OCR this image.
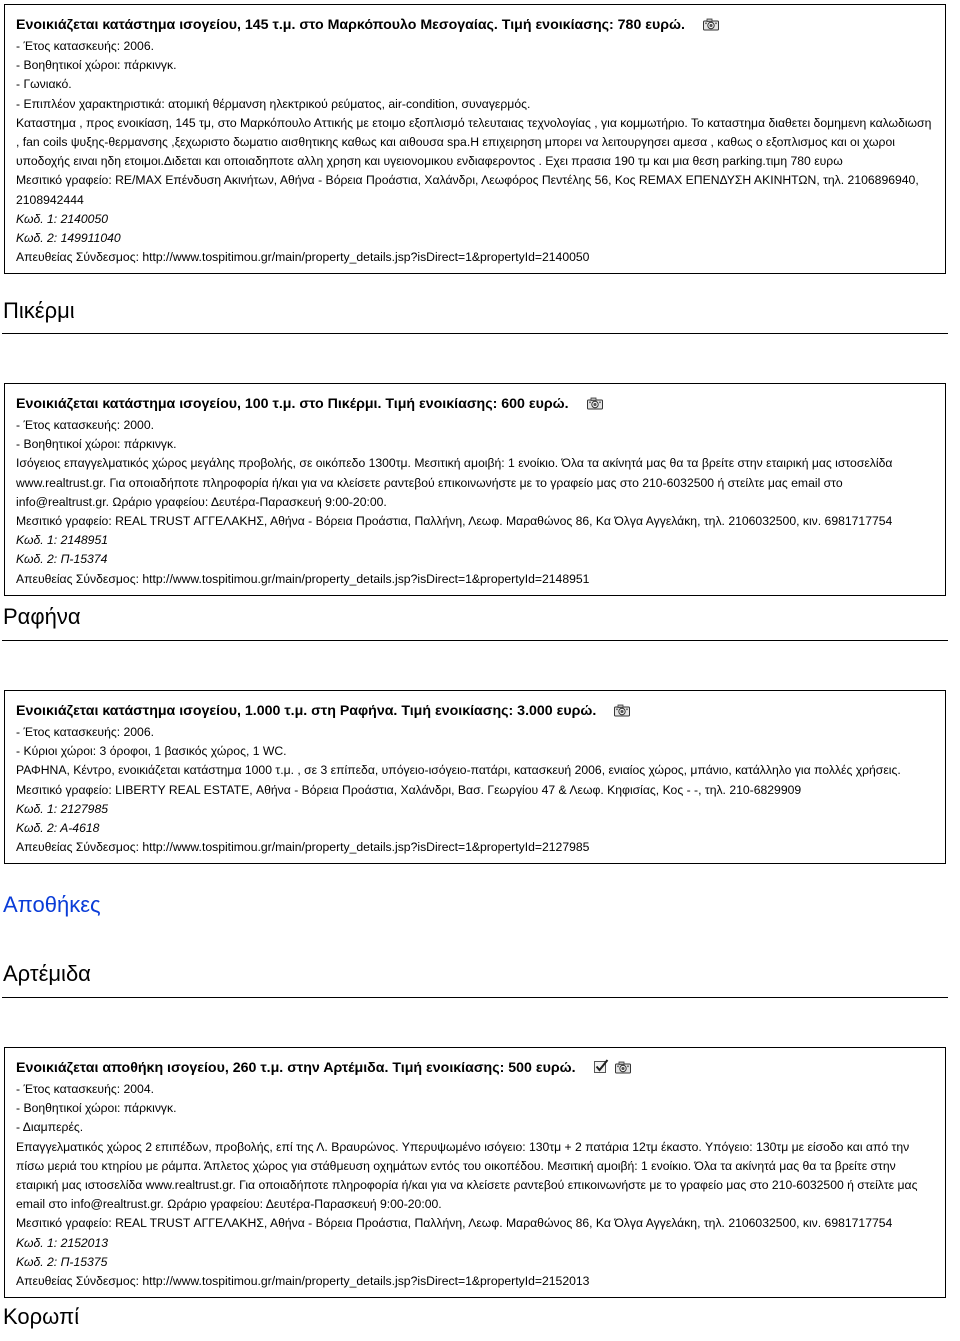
Ενοικιάζεται κατάστημα ισογείου, 145 τ.μ. στο Μαρκόπουλο Μεσογαίας. Τιμή ενοικίασης: 780 ευρώ.
- Έτος κατασκευής: 2006.
- Βοηθητικοί χώροι: πάρκινγκ.
- Γωνιακό.
- Επιπλέον χαρακτηριστικά: ατομική θέρμανση ηλεκτρικού ρεύματος, air-condition, συναγερμός.
Καταστημα , προς ενοικίαση, 145 τμ, στο Μαρκόπουλο Αττικής με ετοιμο εξοπλισμό τελευταιας τεχνολογίας , για κομμωτήριο. Το καταστημα διαθετει δομημενη καλωδιωση , fan coils ψυξης-θερμανσης ,ξεχωριστο δωματιο αισθητικης καθως και αιθουσα spa.Η επιχειρηση μπορει να λειτουργησει αμεσα , καθως ο εξοπλισμος και οι χωροι υποδοχής ειναι ηδη ετοιμοι.Διδεται και οποιαδηποτε αλλη χρηση και υγειονομικου ενδιαφεροντος . Εχει πρασια 190 τμ και μια θεση parking.τιμη 780 ευρω
Μεσιτικό γραφείο: RE/MAX Επένδυση Ακινήτων, Αθήνα - Βόρεια Προάστια, Χαλάνδρι, Λεωφόρος Πεντέλης 56, Κος REMAX ΕΠΕΝΔΥΣΗ ΑΚΙΝΗΤΩΝ, τηλ. 2106896940, 2108942444
Κωδ. 1: 2140050
Κωδ. 2: 149911040
Απευθείας Σύνδεσμος: http://www.tospitimou.gr/main/property_details.jsp?isDirect=1&propertyId=2140050
Πικέρμι
Ενοικιάζεται κατάστημα ισογείου, 100 τ.μ. στο Πικέρμι. Τιμή ενοικίασης: 600 ευρώ.
- Έτος κατασκευής: 2000.
- Βοηθητικοί χώροι: πάρκινγκ.
Ισόγειος επαγγελματικός χώρος μεγάλης προβολής, σε οικόπεδο 1300τμ. Μεσιτική αμοιβή: 1 ενοίκιο. Όλα τα ακίνητά μας θα τα βρείτε στην εταιρική μας ιστοσελίδα www.realtrust.gr. Για οποιαδήποτε πληροφορία ή/και για να κλείσετε ραντεβού επικοινωνήστε με το γραφείο μας στο 210-6032500 ή στείλτε μας email στο info@realtrust.gr. Ωράριο γραφείου: Δευτέρα-Παρασκευή 9:00-20:00.
Μεσιτικό γραφείο: REAL TRUST ΑΓΓΕΛΑΚΗΣ, Αθήνα - Βόρεια Προάστια, Παλλήνη, Λεωφ. Μαραθώνος 86, Κα Όλγα Αγγελάκη, τηλ. 2106032500, κιν. 6981717754
Κωδ. 1: 2148951
Κωδ. 2: Π-15374
Απευθείας Σύνδεσμος: http://www.tospitimou.gr/main/property_details.jsp?isDirect=1&propertyId=2148951
Ραφήνα
Ενοικιάζεται κατάστημα ισογείου, 1.000 τ.μ. στη Ραφήνα. Τιμή ενοικίασης: 3.000 ευρώ.
- Έτος κατασκευής: 2006.
- Κύριοι χώροι: 3 όροφοι, 1 βασικός χώρος, 1 WC.
ΡΑΦΗΝΑ, Κέντρο, ενοικιάζεται κατάστημα 1000 τ.μ. , σε 3 επίπεδα, υπόγειο-ισόγειο-πατάρι, κατασκευή 2006, ενιαίος χώρος, μπάνιο, κατάλληλο για πολλές χρήσεις.
Μεσιτικό γραφείο: LIBERTY REAL ESTATE, Αθήνα - Βόρεια Προάστια, Χαλάνδρι, Βασ. Γεωργίου 47 & Λεωφ. Κηφισίας, Κος - -, τηλ. 210-6829909
Κωδ. 1: 2127985
Κωδ. 2: Α-4618
Απευθείας Σύνδεσμος: http://www.tospitimou.gr/main/property_details.jsp?isDirect=1&propertyId=2127985
Αποθήκες
Αρτέμιδα
Ενοικιάζεται αποθήκη ισογείου, 260 τ.μ. στην Αρτέμιδα. Τιμή ενοικίασης: 500 ευρώ.
- Έτος κατασκευής: 2004.
- Βοηθητικοί χώροι: πάρκινγκ.
- Διαμπερές.
Επαγγελματικός χώρος 2 επιπέδων, προβολής, επί της Λ. Βραυρώνος. Υπερυψωμένο ισόγειο: 130τμ + 2 πατάρια 12τμ έκαστο. Υπόγειο: 130τμ με είσοδο και από την πίσω μεριά του κτηρίου με ράμπα. Άπλετος χώρος για στάθμευση οχημάτων εντός του οικοπέδου. Μεσιτική αμοιβή: 1 ενοίκιο. Όλα τα ακίνητά μας θα τα βρείτε στην εταιρική μας ιστοσελίδα www.realtrust.gr. Για οποιαδήποτε πληροφορία ή/και για να κλείσετε ραντεβού επικοινωνήστε με το γραφείο μας στο 210-6032500 ή στείλτε μας email στο info@realtrust.gr. Ωράριο γραφείου: Δευτέρα-Παρασκευή 9:00-20:00.
Μεσιτικό γραφείο: REAL TRUST ΑΓΓΕΛΑΚΗΣ, Αθήνα - Βόρεια Προάστια, Παλλήνη, Λεωφ. Μαραθώνος 86, Κα Όλγα Αγγελάκη, τηλ. 2106032500, κιν. 6981717754
Κωδ. 1: 2152013
Κωδ. 2: Π-15375
Απευθείας Σύνδεσμος: http://www.tospitimou.gr/main/property_details.jsp?isDirect=1&propertyId=2152013
Κορωπί
